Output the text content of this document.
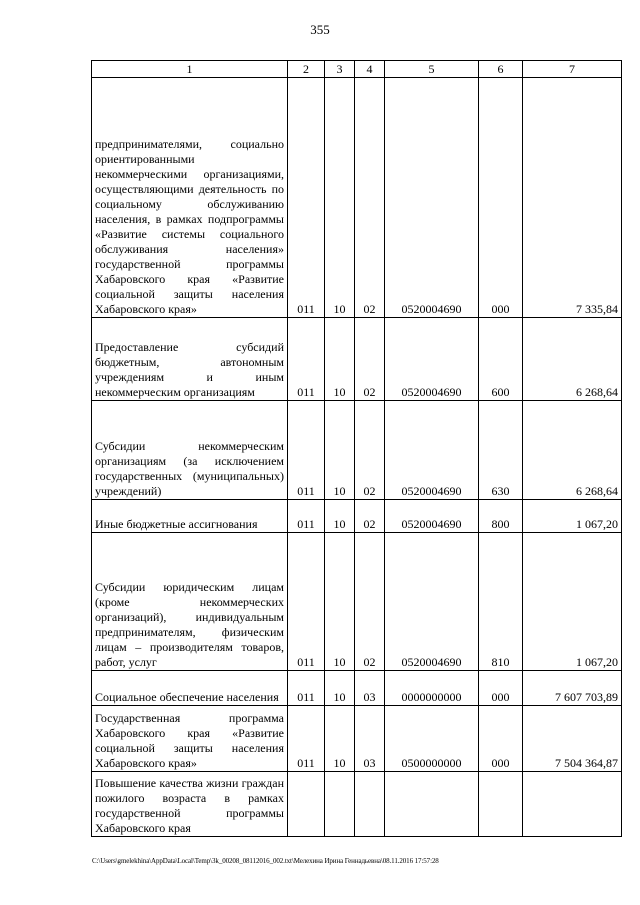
355
1	2	3	4	5	6	7
предпринимателями, социально ориентированными некоммерческими организациями, осуществляющими деятельность по социальному обслуживанию населения, в рамках подпрограммы «Развитие системы социального обслуживания населения» государственной программы Хабаровского края «Развитие социальной защиты населения Хабаровского края»	011	10	02	0520004690	000	7 335,84
Предоставление субсидий бюджетным, автономным учреждениям и иным некоммерческим организациям	011	10	02	0520004690	600	6 268,64
Субсидии некоммерческим организациям (за исключением государственных (муниципальных) учреждений)	011	10	02	0520004690	630	6 268,64
Иные бюджетные ассигнования	011	10	02	0520004690	800	1 067,20
Субсидии юридическим лицам (кроме некоммерческих организаций), индивидуальным предпринимателям, физическим лицам – производителям товаров, работ, услуг	011	10	02	0520004690	810	1 067,20
Социальное обеспечение населения	011	10	03	0000000000	000	7 607 703,89
Государственная программа Хабаровского края «Развитие социальной защиты населения Хабаровского края»	011	10	03	0500000000	000	7 504 364,87
Повышение качества жизни граждан пожилого возраста в рамках государственной программы Хабаровского края						
C:\Users\gmelekhina\AppData\Local\Temp\3k_00208_08112016_002.txt\Мелехина Ирина Геннадьевна\08.11.2016 17:57:28
